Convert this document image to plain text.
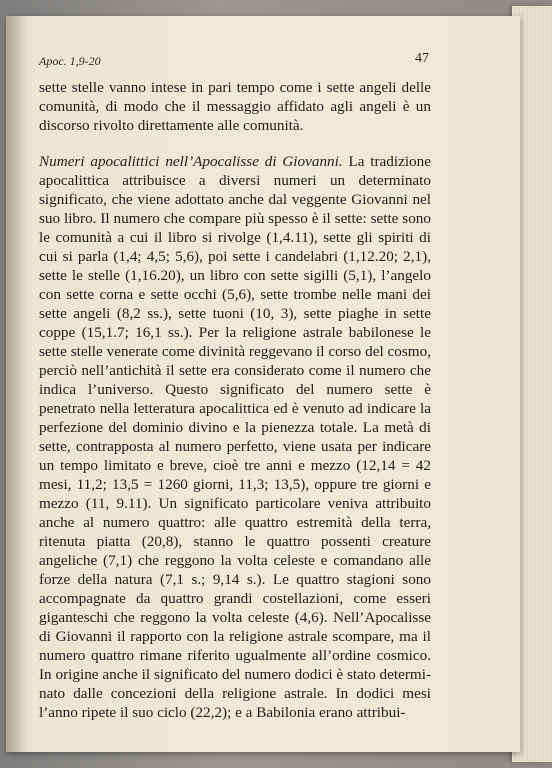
Apoc. 1,9-20	47

sette stelle vanno intese in pari tempo come i sette angeli delle comunità, di modo che il messaggio affidato agli angeli è un discorso rivolto direttamente alle comunità.

Numeri apocalittici nell’Apocalisse di Giovanni. La tradizione apocalittica attribuisce a diversi numeri un determinato significato, che viene adottato anche dal veggente Giovanni nel suo libro. Il numero che compare più spesso è il sette: sette sono le comunità a cui il libro si rivolge (1,4.11), sette gli spiriti di cui si parla (1,4; 4,5; 5,6), poi sette i candelabri (1,12.20; 2,1), sette le stelle (1,16.20), un libro con sette sigilli (5,1), l’angelo con sette corna e sette occhi (5,6), sette trombe nelle mani dei sette angeli (8,2 ss.), sette tuoni (10, 3), sette piaghe in sette coppe (15,1.7; 16,1 ss.). Per la religione astrale babilonese le sette stelle venerate come divinità reggevano il corso del cosmo, perciò nell’antichità il sette era considerato come il numero che indica l’universo. Questo significato del numero sette è penetrato nella letteratura apocalittica ed è venuto ad indicare la perfezione del dominio divino e la pienezza totale. La metà di sette, contrapposta al numero perfetto, viene usata per indicare un tempo limitato e breve, cioè tre anni e mezzo (12,14 = 42 mesi, 11,2; 13,5 = 1260 giorni, 11,3; 13,5), oppure tre giorni e mezzo (11, 9.11). Un significato particolare veniva attribuito anche al numero quattro: alle quattro estremità della terra, ritenuta piatta (20,8), stanno le quattro possenti creature angeliche (7,1) che reggono la volta celeste e comandano alle forze della natura (7,1 s.; 9,14 s.). Le quattro stagioni sono accompagnate da quattro grandi costellazioni, come esseri giganteschi che reggono la volta celeste (4,6). Nell’Apocalisse di Giovanni il rapporto con la religione astrale scompare, ma il numero quattro rimane riferito ugualmente all’ordine cosmico. In origine anche il significato del numero dodici è stato determinato dalle concezioni della religione astrale. In dodici mesi l’anno ripete il suo ciclo (22,2); e a Babilonia erano attribui-
